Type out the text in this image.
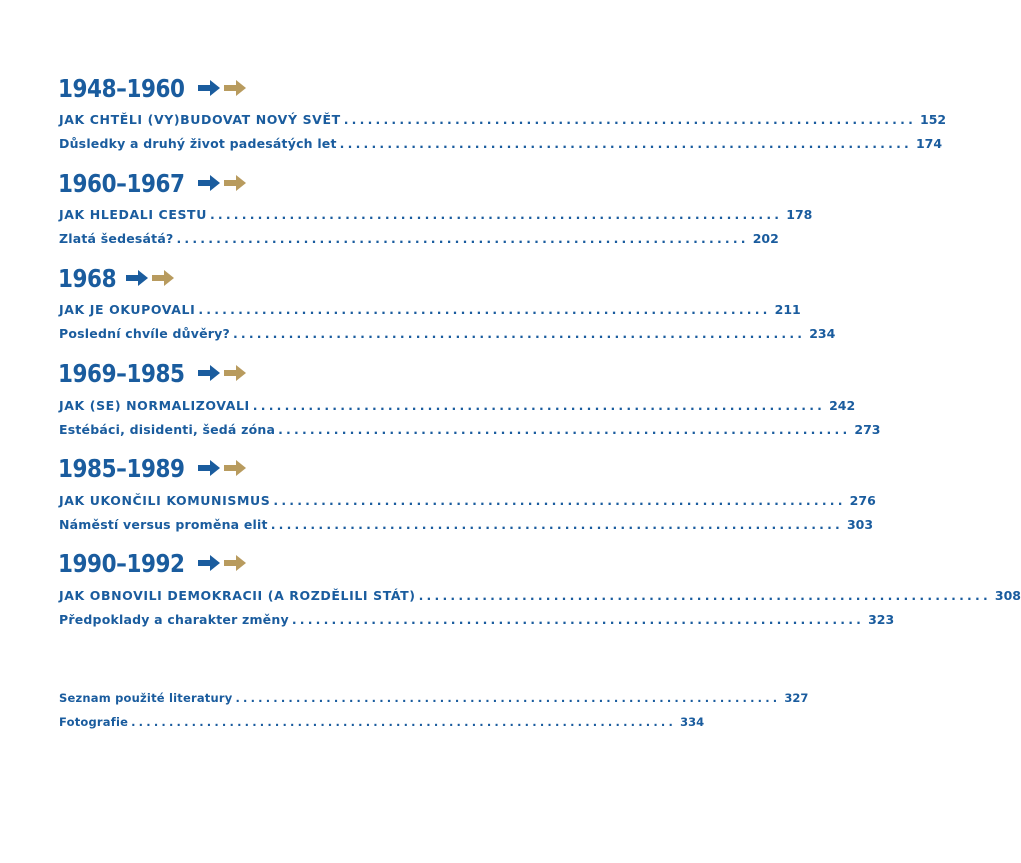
1948–1960
JAK CHTĚLI (VY)BUDOVAT NOVÝ SVĚT ........................................................................ 152
Důsledky a druhý život padesátých let ........................................................................ 174
1960–1967
JAK HLEDALI CESTU ........................................................................ 178
Zlatá šedesátá? ........................................................................ 202
1968
JAK JE OKUPOVALI ........................................................................ 211
Poslední chvíle důvěry? ........................................................................ 234
1969–1985
JAK (SE) NORMALIZOVALI ........................................................................ 242
Estébáci, disidenti, šedá zóna ........................................................................ 273
1985–1989
JAK UKONČILI KOMUNISMUS ........................................................................ 276
Náměstí versus proměna elit ........................................................................ 303
1990–1992
JAK OBNOVILI DEMOKRACII (A ROZDĚLILI STÁT) ........................................................................ 308
Předpoklady a charakter změny ........................................................................ 323
Seznam použité literatury ........................................................................ 327
Fotografie ........................................................................ 334
